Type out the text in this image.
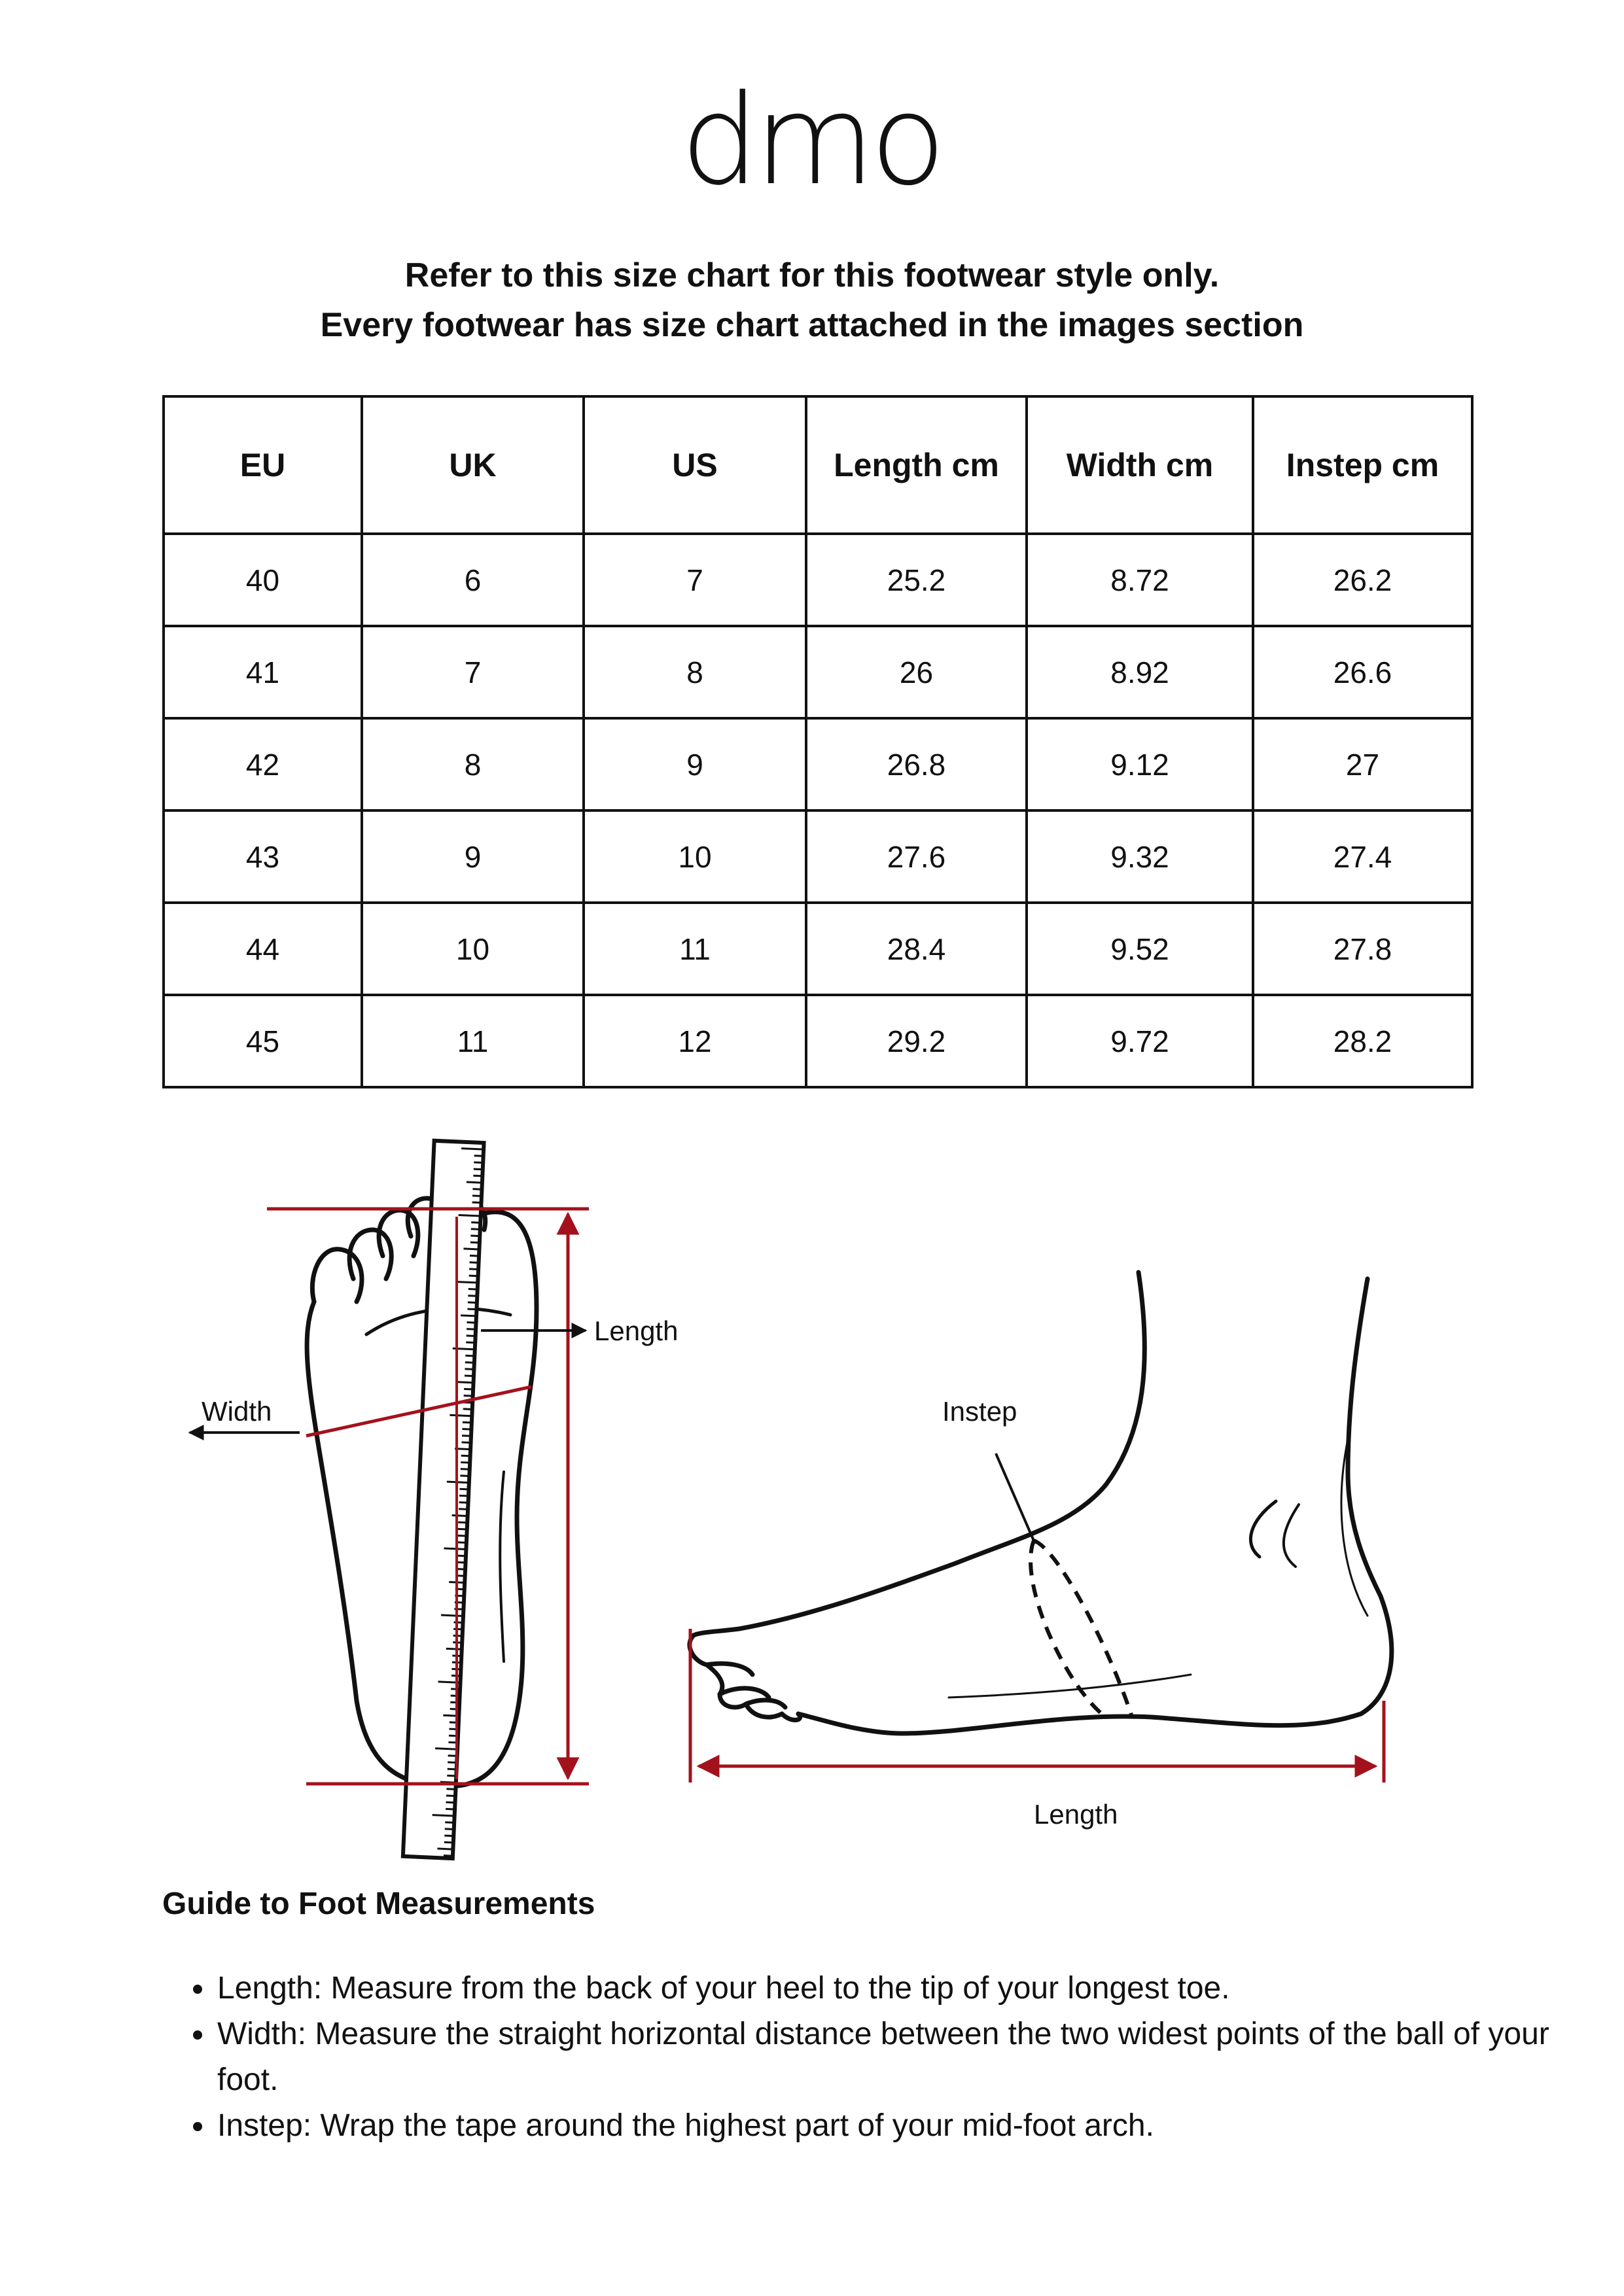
dmo
Refer to this size chart for this footwear style only.
Every footwear has size chart attached in the images section
EU	UK	US	Length cm	Width cm	Instep cm
40	6	7	25.2	8.72	26.2
41	7	8	26	8.92	26.6
42	8	9	26.8	9.12	27
43	9	10	27.6	9.32	27.4
44	10	11	28.4	9.52	27.8
45	11	12	29.2	9.72	28.2
Length
Width	Instep
Length
Guide to Foot Measurements
• Length: Measure from the back of your heel to the tip of your longest toe.
• Width: Measure the straight horizontal distance between the two widest points of the ball of your foot.
• Instep: Wrap the tape around the highest part of your mid-foot arch.
